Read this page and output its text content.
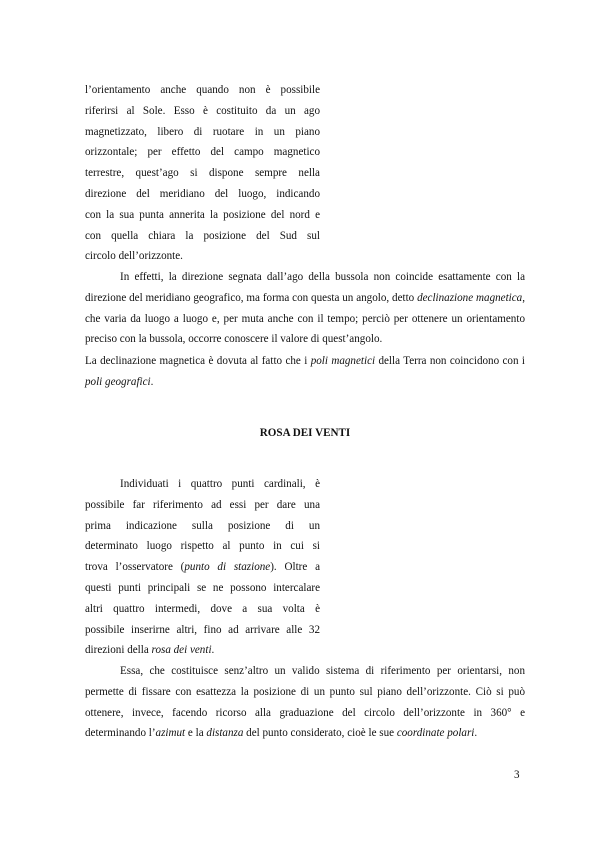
l’orientamento anche quando non è possibile
riferirsi al Sole. Esso è costituito da un ago
magnetizzato, libero di ruotare in un piano
orizzontale; per effetto del campo magnetico
terrestre, quest’ago si dispone sempre nella
direzione del meridiano del luogo, indicando
con la sua punta annerita la posizione del nord e
con quella chiara la posizione del Sud sul
circolo dell’orizzonte.
In effetti, la direzione segnata dall’ago della bussola non coincide esattamente con la direzione del meridiano geografico, ma forma con questa un angolo, detto declinazione magnetica, che varia da luogo a luogo e, per muta anche con il tempo; perciò per ottenere un orientamento preciso con la bussola, occorre conoscere il valore di quest’angolo.
La declinazione magnetica è dovuta al fatto che i poli magnetici della Terra non coincidono con i poli geografici.
ROSA DEI VENTI
Individuati i quattro punti cardinali, è
possibile far riferimento ad essi per dare una
prima indicazione sulla posizione di un
determinato luogo rispetto al punto in cui si
trova l’osservatore (punto di stazione). Oltre a
questi punti principali se ne possono intercalare
altri quattro intermedi, dove a sua volta è
possibile inserirne altri, fino ad arrivare alle 32
direzioni della rosa dei venti.
Essa, che costituisce senz’altro un valido sistema di riferimento per orientarsi, non permette di fissare con esattezza la posizione di un punto sul piano dell’orizzonte. Ciò si può ottenere, invece, facendo ricorso alla graduazione del circolo dell’orizzonte in 360° e determinando l’azimut e la distanza del punto considerato, cioè le sue coordinate polari.
3
